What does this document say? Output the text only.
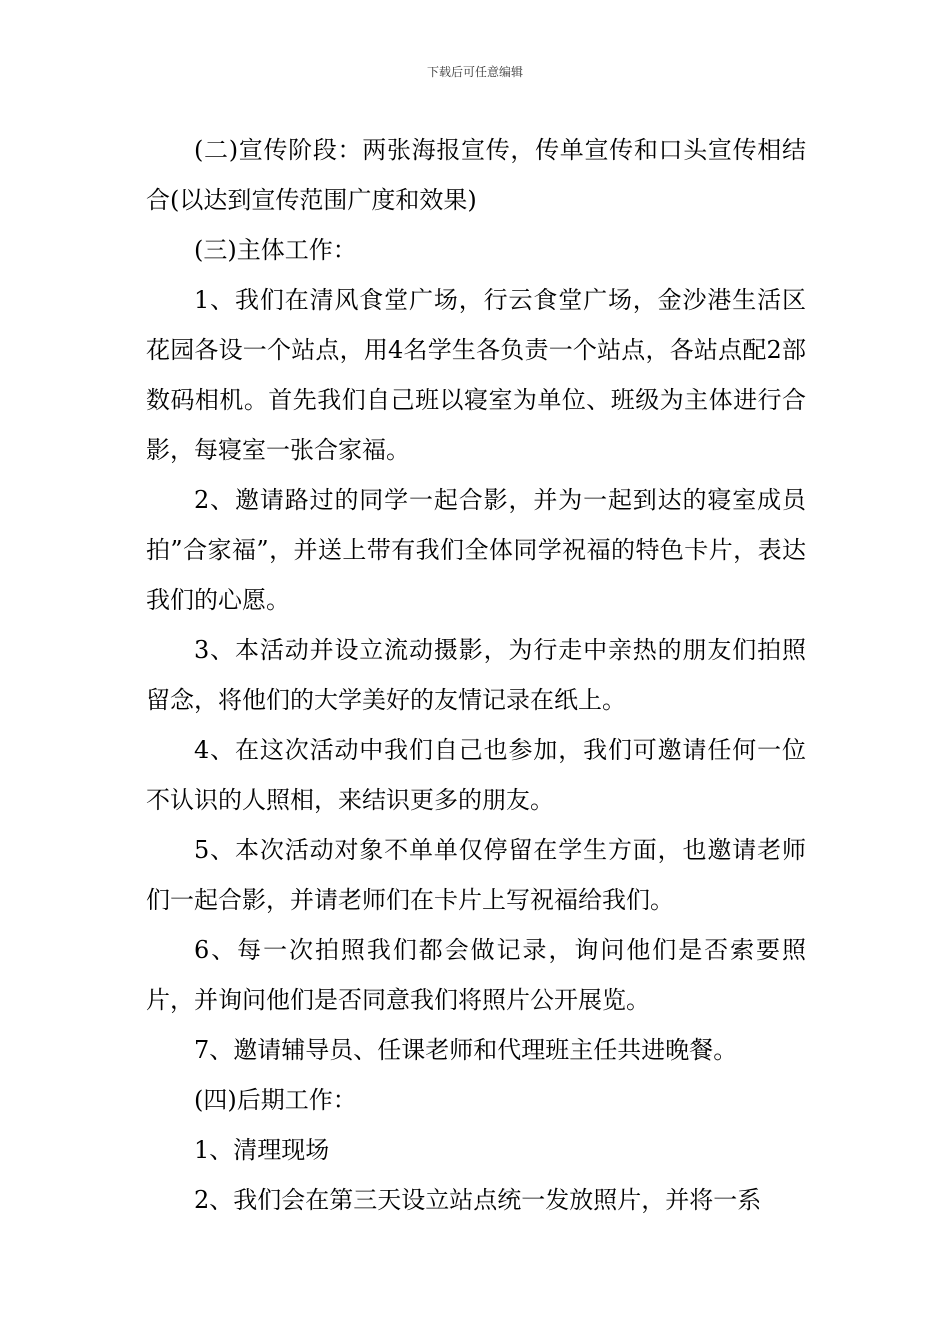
下载后可任意编辑

(二)宣传阶段：两张海报宣传，传单宣传和口头宣传相结合(以达到宣传范围广度和效果)

(三)主体工作：

1、我们在清风食堂广场，行云食堂广场，金沙港生活区花园各设一个站点，用4名学生各负责一个站点，各站点配2部数码相机。首先我们自己班以寝室为单位、班级为主体进行合影，每寝室一张合家福。

2、邀请路过的同学一起合影，并为一起到达的寝室成员拍”合家福”，并送上带有我们全体同学祝福的特色卡片，表达我们的心愿。

3、本活动并设立流动摄影，为行走中亲热的朋友们拍照留念，将他们的大学美好的友情记录在纸上。

4、在这次活动中我们自己也参加，我们可邀请任何一位不认识的人照相，来结识更多的朋友。

5、本次活动对象不单单仅停留在学生方面，也邀请老师们一起合影，并请老师们在卡片上写祝福给我们。

6、每一次拍照我们都会做记录，询问他们是否索要照片，并询问他们是否同意我们将照片公开展览。

7、邀请辅导员、任课老师和代理班主任共进晚餐。

(四)后期工作：

1、清理现场

2、我们会在第三天设立站点统一发放照片，并将一系
